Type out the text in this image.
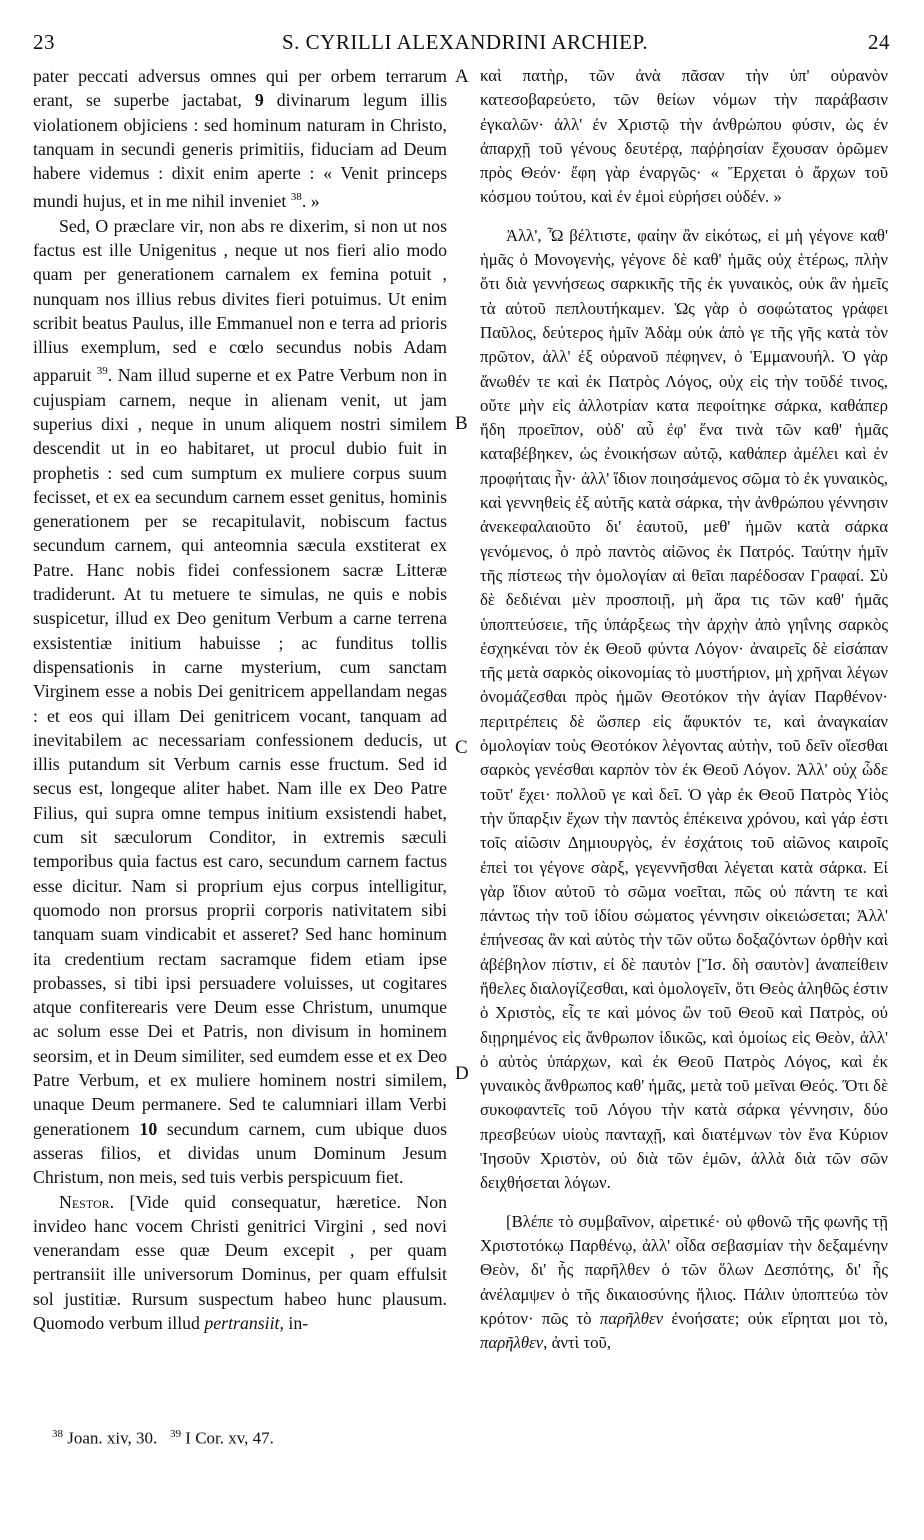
23	S. CYRILLI ALEXANDRINI ARCHIEP.	24

pater peccati adversus omnes qui per orbem terrarum erant, se superbe jactabat, 9 divinarum legum illis violationem objiciens : sed hominum naturam in Christo, tanquam in secundi generis primitiis, fiduciam ad Deum habere videmus : dixit enim aperte : « Venit princeps mundi hujus, et in me nihil inveniet $^{38}$. »

Sed, O præclare vir, non abs re dixerim, si non ut nos factus est ille Unigenitus , neque ut nos fieri alio modo quam per generationem carnalem ex femina potuit , nunquam nos illius rebus divites fieri potuimus. Ut enim scribit beatus Paulus, ille Emmanuel non e terra ad prioris illius exemplum, sed e cœlo secundus nobis Adam apparuit $^{39}$. Nam illud superne et ex Patre Verbum non in cujuspiam carnem, neque in alienam venit, ut jam superius dixi , neque in unum aliquem nostri similem descendit ut in eo habitaret, ut procul dubio fuit in prophetis : sed cum sumptum ex muliere corpus suum fecisset, et ex ea secundum carnem esset genitus, hominis generationem per se recapitulavit, nobiscum factus secundum carnem, qui anteomnia sæcula exstiterat ex Patre. Hanc nobis fidei confessionem sacræ Litteræ tradiderunt. At tu metuere te simulas, ne quis e nobis suspicetur, illud ex Deo genitum Verbum a carne terrena exsistentiæ initium habuisse ; ac funditus tollis dispensationis in carne mysterium, cum sanctam Virginem esse a nobis Dei genitricem appellandam negas : et eos qui illam Dei genitricem vocant, tanquam ad inevitabilem ac necessariam confessionem deducis, ut illis putandum sit Verbum carnis esse fructum. Sed id secus est, longeque aliter habet. Nam ille ex Deo Patre Filius, qui supra omne tempus initium exsistendi habet, cum sit sæculorum Conditor, in extremis sæculi temporibus quia factus est caro, secundum carnem factus esse dicitur. Nam si proprium ejus corpus intelligitur, quomodo non prorsus proprii corporis nativitatem sibi tanquam suam vindicabit et asseret? Sed hanc hominum ita credentium rectam sacramque fidem etiam ipse probasses, si tibi ipsi persuadere voluisses, ut cogitares atque confiterearis vere Deum esse Christum, unumque ac solum esse Dei et Patris, non divisum in hominem seorsim, et in Deum similiter, sed eumdem esse et ex Deo Patre Verbum, et ex muliere hominem nostri similem, unaque Deum permanere. Sed te calumniari illam Verbi generationem 10 secundum carnem, cum ubique duos asseras filios, et dividas unum Dominum Jesum Christum, non meis, sed tuis verbis perspicuum fiet.

Nestor. [Vide quid consequatur, hæretice. Non invideo hanc vocem Christi genitrici Virgini , sed novi venerandam esse quæ Deum excepit , per quam pertransiit ille universorum Dominus, per quam effulsit sol justitiæ. Rursum suspectum habeo hunc plausum. Quomodo verbum illud pertransiit, in-

A
B
C
D

καὶ πατὴρ, τῶν ἀνὰ πᾶσαν τὴν ὑπ' οὐρανὸν κατεσοβαρεύετο, τῶν θείων νόμων τὴν παράβασιν ἐγκαλῶν· ἀλλ' ἐν Χριστῷ τὴν ἀνθρώπου φύσιν, ὡς ἐν ἀπαρχῇ τοῦ γένους δευτέρᾳ, παῤῥησίαν ἔχουσαν ὁρῶμεν πρὸς Θεόν· ἔφη γὰρ ἐναργῶς· « Ἔρχεται ὁ ἄρχων τοῦ κόσμου τούτου, καὶ ἐν ἐμοὶ εὑρήσει οὐδέν. »

Ἀλλ', Ὦ βέλτιστε, φαίην ἂν εἰκότως, εἰ μὴ γέγονε καθ' ἡμᾶς ὁ Μονογενὴς, γέγονε δὲ καθ' ἡμᾶς οὐχ ἑτέρως, πλὴν ὅτι διὰ γεννήσεως σαρκικῆς τῆς ἐκ γυναικὸς, οὐκ ἂν ἡμεῖς τὰ αὐτοῦ πεπλουτήκαμεν. Ὡς γὰρ ὁ σοφώτατος γράφει Παῦλος, δεύτερος ἡμῖν Ἀδὰμ οὐκ ἀπὸ γε τῆς γῆς κατὰ τὸν πρῶτον, ἀλλ' ἐξ οὐρανοῦ πέφηνεν, ὁ Ἐμμανουήλ. Ὁ γὰρ ἄνωθέν τε καὶ ἐκ Πατρὸς Λόγος, οὐχ εἰς τὴν τοῦδέ τινος, οὔτε μὴν εἰς ἀλλοτρίαν κατα πεφοίτηκε σάρκα, καθάπερ ἤδη προεῖπον, οὐδ' αὖ ἐφ' ἕνα τινὰ τῶν καθ' ἡμᾶς καταβέβηκεν, ὡς ἐνοικήσων αὐτῷ, καθάπερ ἀμέλει καὶ ἐν προφήταις ἦν· ἀλλ' ἴδιον ποιησάμενος σῶμα τὸ ἐκ γυναικὸς, καὶ γεννηθεὶς ἐξ αὐτῆς κατὰ σάρκα, τὴν ἀνθρώπου γέννησιν ἀνεκεφαλαιοῦτο δι' ἑαυτοῦ, μεθ' ἡμῶν κατὰ σάρκα γενόμενος, ὁ πρὸ παντὸς αἰῶνος ἐκ Πατρός. Ταύτην ἡμῖν τῆς πίστεως τὴν ὁμολογίαν αἱ θεῖαι παρέδοσαν Γραφαί. Σὺ δὲ δεδιέναι μὲν προσποιῇ, μὴ ἄρα τις τῶν καθ' ἡμᾶς ὑποπτεύσειε, τῆς ὑπάρξεως τὴν ἀρχὴν ἀπὸ γηΐνης σαρκὸς ἐσχηκέναι τὸν ἐκ Θεοῦ φύντα Λόγον· ἀναιρεῖς δὲ εἰσάπαν τῆς μετὰ σαρκὸς οἰκονομίας τὸ μυστήριον, μὴ χρῆναι λέγων ὀνομάζεσθαι πρὸς ἡμῶν Θεοτόκον τὴν ἁγίαν Παρθένον· περιτρέπεις δὲ ὥσπερ εἰς ἄφυκτόν τε, καὶ ἀναγκαίαν ὁμολογίαν τοὺς Θεοτόκον λέγοντας αὐτὴν, τοῦ δεῖν οἴεσθαι σαρκὸς γενέσθαι καρπὸν τὸν ἐκ Θεοῦ Λόγον. Ἀλλ' οὐχ ὧδε τοῦτ' ἔχει· πολλοῦ γε καὶ δεῖ. Ὁ γὰρ ἐκ Θεοῦ Πατρὸς Υἱὸς τὴν ὕπαρξιν ἔχων τὴν παντὸς ἐπέκεινα χρόνου, καὶ γάρ ἐστι τοῖς αἰῶσιν Δημιουργὸς, ἐν ἐσχάτοις τοῦ αἰῶνος καιροῖς ἐπεὶ τοι γέγονε σὰρξ, γεγεννῆσθαι λέγεται κατὰ σάρκα. Εἰ γὰρ ἴδιον αὐτοῦ τὸ σῶμα νοεῖται, πῶς οὐ πάντη τε καὶ πάντως τὴν τοῦ ἰδίου σώματος γέννησιν οἰκειώσεται; Ἀλλ' ἐπήνεσας ἂν καὶ αὐτὸς τὴν τῶν οὕτω δοξαζόντων ὀρθὴν καὶ ἀβέβηλον πίστιν, εἰ δὲ παυτὸν [Ἴσ. δὴ σαυτὸν] ἀναπείθειν ἤθελες διαλογίζεσθαι, καὶ ὁμολογεῖν, ὅτι Θεὸς ἀληθῶς ἐστιν ὁ Χριστὸς, εἷς τε καὶ μόνος ὢν τοῦ Θεοῦ καὶ Πατρὸς, οὐ διῃρημένος εἰς ἄνθρωπον ἰδικῶς, καὶ ὁμοίως εἰς Θεὸν, ἀλλ' ὁ αὐτὸς ὑπάρχων, καὶ ἐκ Θεοῦ Πατρὸς Λόγος, καὶ ἐκ γυναικὸς ἄνθρωπος καθ' ἡμᾶς, μετὰ τοῦ μεῖναι Θεός. Ὅτι δὲ συκοφαντεῖς τοῦ Λόγου τὴν κατὰ σάρκα γέννησιν, δύο πρεσβεύων υἱοὺς πανταχῇ, καὶ διατέμνων τὸν ἕνα Κύριον Ἰησοῦν Χριστὸν, οὐ διὰ τῶν ἐμῶν, ἀλλὰ διὰ τῶν σῶν δειχθήσεται λόγων.

[Βλέπε τὸ συμβαῖνον, αἱρετικέ· οὐ φθονῶ τῆς φωνῆς τῇ Χριστοτόκῳ Παρθένῳ, ἀλλ' οἶδα σεβασμίαν τὴν δεξαμένην Θεὸν, δι' ἧς παρῆλθεν ὁ τῶν ὅλων Δεσπότης, δι' ἧς ἀνέλαμψεν ὁ τῆς δικαιοσύνης ἥλιος. Πάλιν ὑποπτεύω τὸν κρότον· πῶς τὸ παρῆλθεν ἐνοήσατε; οὐκ εἴρηται μοι τὸ, παρῆλθεν, ἀντὶ τοῦ,

$^{38}$ Joan. xiv, 30. $^{39}$ I Cor. xv, 47.
